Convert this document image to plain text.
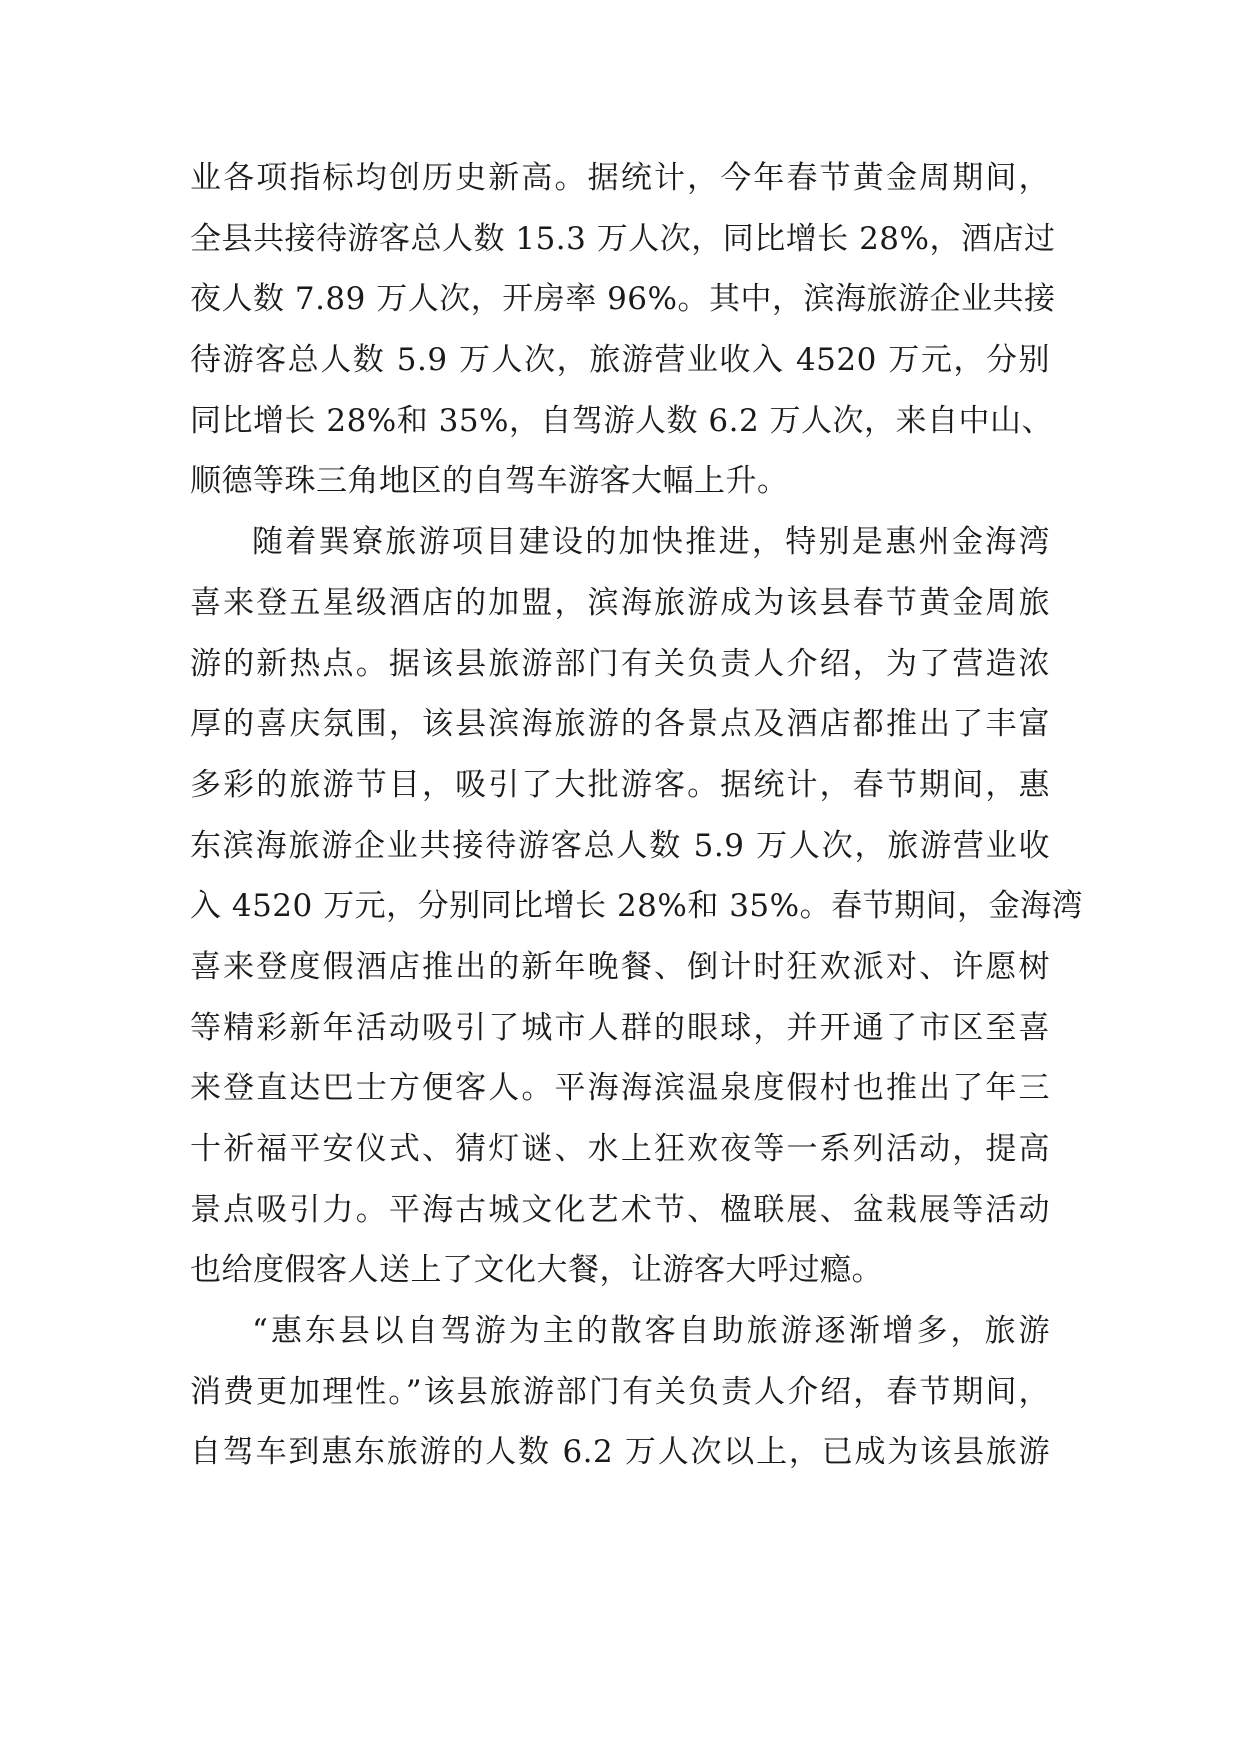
业各项指标均创历史新高。据统计，今年春节黄金周期间，
全县共接待游客总人数 15.3 万人次，同比增长 28%，酒店过
夜人数 7.89 万人次，开房率 96%。其中，滨海旅游企业共接
待游客总人数 5.9 万人次，旅游营业收入 4520 万元，分别
同比增长 28%和 35%，自驾游人数 6.2 万人次，来自中山、
顺德等珠三角地区的自驾车游客大幅上升。
随着巽寮旅游项目建设的加快推进，特别是惠州金海湾
喜来登五星级酒店的加盟，滨海旅游成为该县春节黄金周旅
游的新热点。据该县旅游部门有关负责人介绍，为了营造浓
厚的喜庆氛围，该县滨海旅游的各景点及酒店都推出了丰富
多彩的旅游节目，吸引了大批游客。据统计，春节期间，惠
东滨海旅游企业共接待游客总人数 5.9 万人次，旅游营业收
入 4520 万元，分别同比增长 28%和 35%。春节期间，金海湾
喜来登度假酒店推出的新年晚餐、倒计时狂欢派对、许愿树
等精彩新年活动吸引了城市人群的眼球，并开通了市区至喜
来登直达巴士方便客人。平海海滨温泉度假村也推出了年三
十祈福平安仪式、猜灯谜、水上狂欢夜等一系列活动，提高
景点吸引力。平海古城文化艺术节、楹联展、盆栽展等活动
也给度假客人送上了文化大餐，让游客大呼过瘾。
“惠东县以自驾游为主的散客自助旅游逐渐增多，旅游
消费更加理性。”该县旅游部门有关负责人介绍，春节期间，
自驾车到惠东旅游的人数 6.2 万人次以上，已成为该县旅游
